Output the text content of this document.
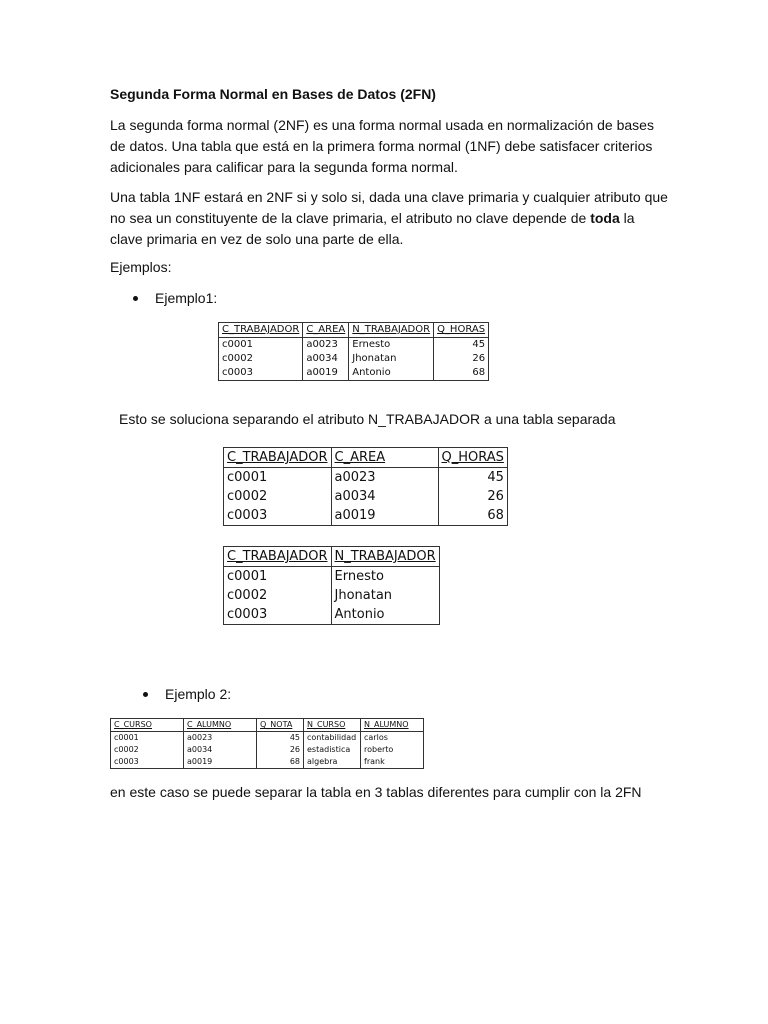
Segunda Forma Normal en Bases de Datos (2FN)

La segunda forma normal (2NF) es una forma normal usada en normalización de bases de datos. Una tabla que está en la primera forma normal (1NF) debe satisfacer criterios adicionales para calificar para la segunda forma normal.

Una tabla 1NF estará en 2NF si y solo si, dada una clave primaria y cualquier atributo que no sea un constituyente de la clave primaria, el atributo no clave depende de toda la clave primaria en vez de solo una parte de ella.

Ejemplos:

Ejemplo1:
C_TRABAJADOR	C_AREA	N_TRABAJADOR	Q_HORAS
c0001	a0023	Ernesto	45
c0002	a0034	Jhonatan	26
c0003	a0019	Antonio	68

Esto se soluciona separando el atributo N_TRABAJADOR a una tabla separada

C_TRABAJADOR	C_AREA	Q_HORAS
c0001	a0023	45
c0002	a0034	26
c0003	a0019	68
C_TRABAJADOR	N_TRABAJADOR
c0001	Ernesto
c0002	Jhonatan
c0003	Antonio
Ejemplo 2:
C_CURSO	C_ALUMNO	Q_NOTA	N_CURSO	N_ALUMNO
c0001	a0023	45	contabilidad	carlos
c0002	a0034	26	estadistica	roberto
c0003	a0019	68	algebra	frank

en este caso se puede separar la tabla en 3 tablas diferentes para cumplir con la 2FN
